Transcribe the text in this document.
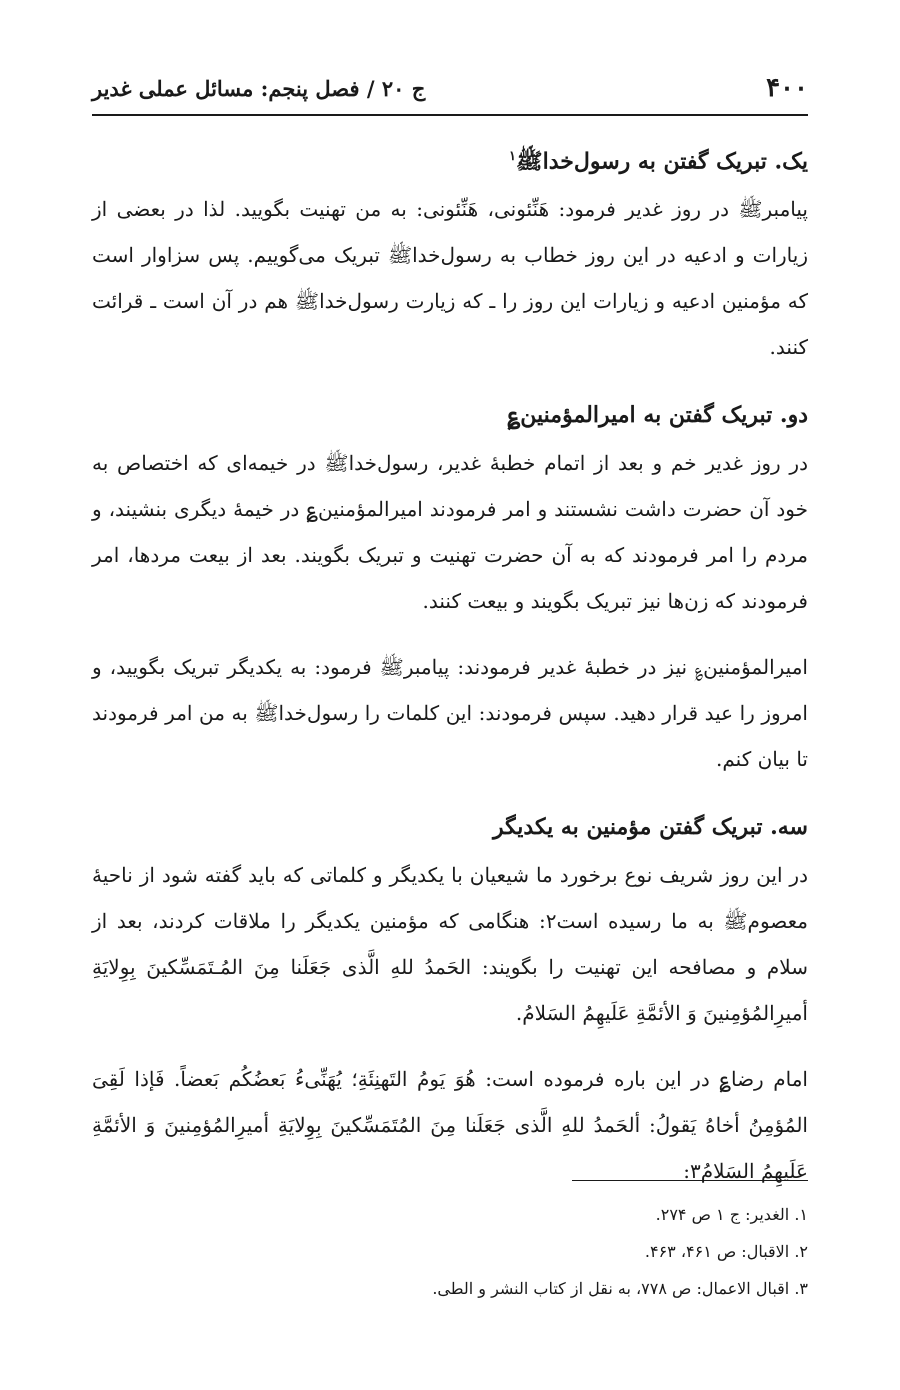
۴۰۰
ج ۲۰ / فصل پنجم: مسائل عملی غدیر
یک. تبریک گفتن به رسول‌خداﷺ$^۱$

پیامبرﷺ در روز غدیر فرمود: هَنِّئونی، هَنِّئونی: به من تهنیت بگویید. لذا در بعضی از زیارات و ادعیه در این روز خطاب به رسول‌خداﷺ تبریک می‌گوییم. پس سزاوار است که مؤمنین ادعیه و زیارات این روز را ـ که زیارت رسول‌خداﷺ هم در آن است ـ قرائت کنند.

دو. تبریک گفتن به امیرالمؤمنین؏

در روز غدیر خم و بعد از اتمام خطبهٔ غدیر، رسول‌خداﷺ در خیمه‌ای که اختصاص به خود آن حضرت داشت نشستند و امر فرمودند امیرالمؤمنین؏ در خیمهٔ دیگری بنشیند، و مردم را امر فرمودند که به آن حضرت تهنیت و تبریک بگویند. بعد از بیعت مردها، امر فرمودند که زن‌ها نیز تبریک بگویند و بیعت کنند.

امیرالمؤمنین؏ نیز در خطبهٔ غدیر فرمودند: پیامبرﷺ فرمود: به یکدیگر تبریک بگویید، و امروز را عید قرار دهید. سپس فرمودند: این کلمات را رسول‌خداﷺ به من امر فرمودند تا بیان کنم.

سه. تبریک گفتن مؤمنین به یکدیگر

در این روز شریف نوع برخورد ما شیعیان با یکدیگر و کلماتی که باید گفته شود از ناحیهٔ معصومﷺ به ما رسیده است۲: هنگامی که مؤمنین یکدیگر را ملاقات کردند، بعد از سلام و مصافحه این تهنیت را بگویند: الحَمدُ للهِ الَّذی جَعَلَنا مِنَ المُـتَمَسِّکینَ بِوِلايَةِ أميرِالمُؤمِنينَ وَ الأئمَّةِ عَلَيهِمُ السَلامُ.

امام رضا؏ در این باره فرموده است: هُوَ يَومُ التَهنِئَةِ؛ يُهَنِّیءُ بَعضُكُم بَعضاً. فَإذا لَقِیَ المُؤمِنُ أخاهُ يَقولُ: ألحَمدُ للهِ الَّذی جَعَلَنا مِنَ المُتَمَسِّكينَ بِوِلايَةِ أميرِالمُؤمِنينَ وَ الأئمَّةِ عَلَيهِمُ السَلامُ۳:

۱. الغدیر: ج ۱ ص ۲۷۴.
۲. الاقبال: ص ۴۶۱، ۴۶۳.
۳. اقبال الاعمال: ص ۷۷۸، به نقل از کتاب النشر و الطی.
